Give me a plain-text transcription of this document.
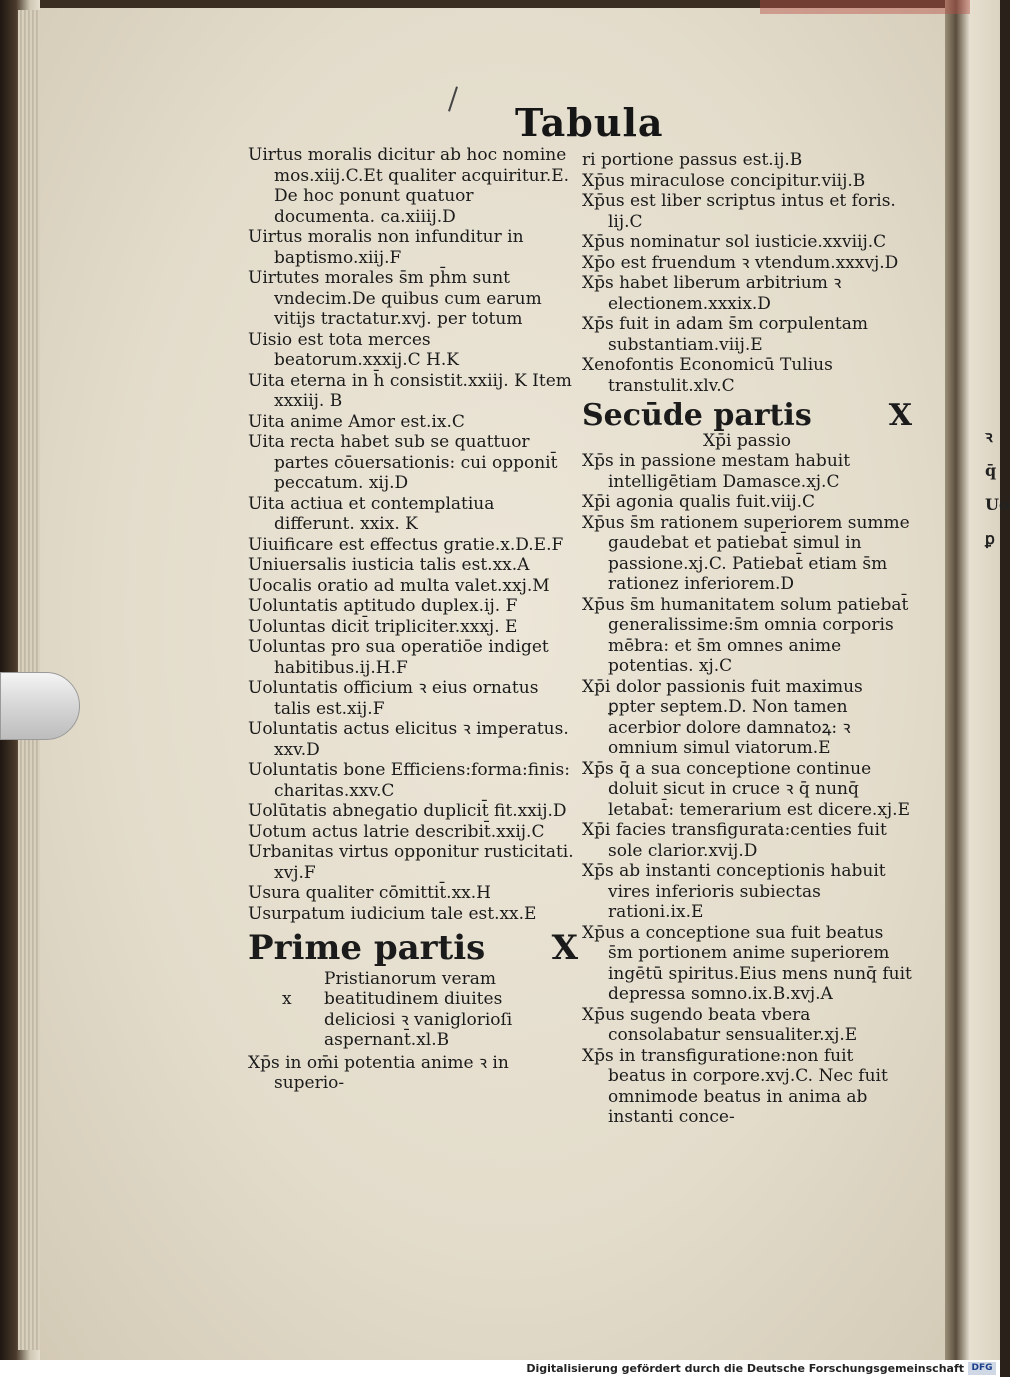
ꝛ q̄ Uo ꝑ
Tabula

Uirtus moralis dicitur ab hoc nomine mos.xiij.C.Et qualiter acquiritur.E. De hoc ponunt quatuor documenta. ca.xiiij.D

Uirtus moralis non infunditur in baptismo.xiij.F

Uirtutes morales s̄m ph̄m sunt vndecim.De quibus cum earum vitijs tractatur.xvj. per totum

Uisio est tota merces beatorum.xxxij.C H.K

Uita eterna in h̄ consistit.xxiij. K Item xxxiij. B

Uita anime Amor est.ix.C

Uita recta habet sub se quattuor partes cōuersationis: cui opponit̄ peccatum. xij.D

Uita actiua et contemplatiua differunt. xxix. K

Uiuificare est effectus gratie.x.D.E.F

Uniuersalis iusticia talis est.xx.A

Uocalis oratio ad multa valet.xxj.M

Uoluntatis aptitudo duplex.ij. F

Uoluntas dicit̄ tripliciter.xxxj. E

Uoluntas pro sua operatiōe indiget habitibus.ij.H.F

Uoluntatis officium ꝛ eius ornatus talis est.xij.F

Uoluntatis actus elicitus ꝛ imperatus. xxv.D

Uoluntatis bone Efficiens:forma:finis: charitas.xxv.C

Uolūtatis abnegatio duplicit̄ fit.xxij.D

Uotum actus latrie describit̄.xxij.C

Urbanitas virtus opponitur rusticitati. xvj.F

Usura qualiter cōmittit̄.xx.H

Usurpatum iudicium tale est.xx.E

Prime partis X
x
Pristianorum veram beatitudinem diuites deliciosi ꝛ vaniglorioſi aspernant̄.xl.B

Xp̄s in om̄i potentia anime ꝛ in superio-

ri portione passus est.ij.B

Xp̄us miraculose concipitur.viij.B

Xp̄us est liber scriptus intus et foris. lij.C

Xp̄us nominatur sol iusticie.xxviij.C

Xp̄o est fruendum ꝛ vtendum.xxxvj.D

Xp̄s habet liberum arbitrium ꝛ electionem.xxxix.D

Xp̄s fuit in adam s̄m corpulentam substantiam.viij.E

Xenofontis Economicū Tulius transtulit.xlv.C

Secūde partis	X

Xp̄i passio

Xp̄s in passione mestam habuit intelligētiam Damasce.xj.C

Xp̄i agonia qualis fuit.viij.C

Xp̄us s̄m rationem superiorem summe gaudebat et patiebat̄ simul in passione.xj.C. Patiebat̄ etiam s̄m rationez inferiorem.D

Xp̄us s̄m humanitatem solum patiebat̄ generalissime:s̄m omnia corporis mēbra: et s̄m omnes anime potentias. xj.C

Xp̄i dolor passionis fuit maximus ꝑpter septem.D. Non tamen acerbior dolore damnatoꝝ: ꝛ omnium simul viatorum.E

Xp̄s q̄ a sua conceptione continue doluit sicut in cruce ꝛ q̄ nunq̄ letabat̄: temerarium est dicere.xj.E

Xp̄i facies transfigurata:centies fuit sole clarior.xvij.D

Xp̄s ab instanti conceptionis habuit vires inferioris subiectas rationi.ix.E

Xp̄us a conceptione sua fuit beatus s̄m portionem anime superiorem ingētū spiritus.Eius mens nunq̄ fuit depressa somno.ix.B.xvj.A

Xp̄us sugendo beata vbera consolabatur sensualiter.xj.E

Xp̄s in transfiguratione:non fuit beatus in corpore.xvj.C. Nec fuit omnimode beatus in anima ab instanti conce-

Digitalisierung gefördert durch die Deutsche Forschungsgemeinschaft DFG
